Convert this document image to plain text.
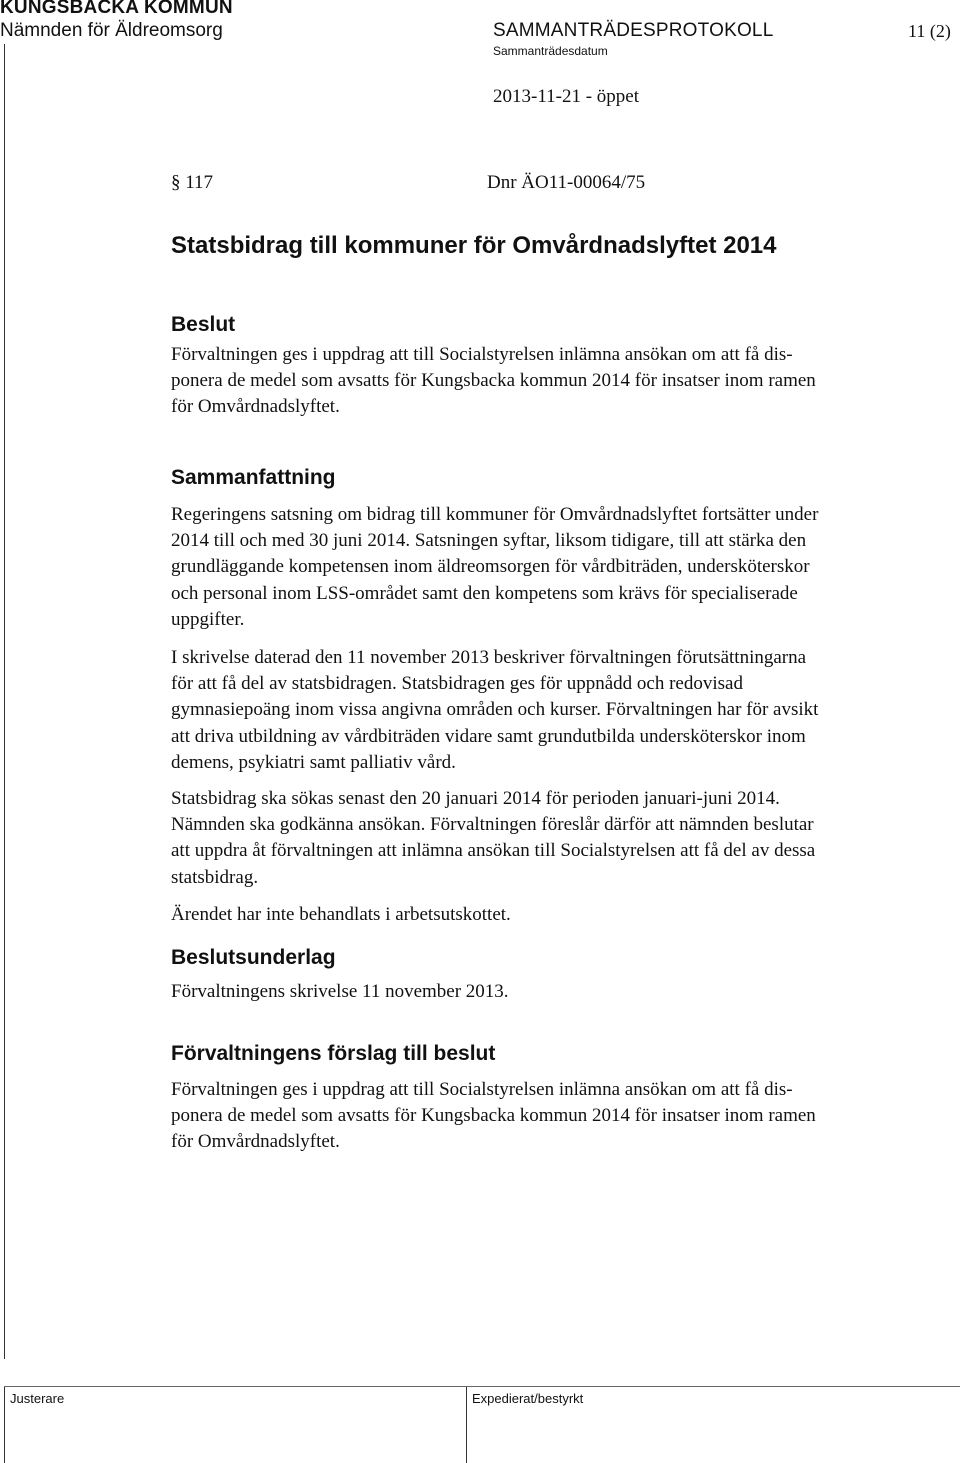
KUNGSBACKA KOMMUN
Nämnden för Äldreomsorg	SAMMANTRÄDESPROTOKOLL	11 (2)
Sammanträdesdatum
2013-11-21 - öppet
§ 117	Dnr ÄO11-00064/75
Statsbidrag till kommuner för Omvårdnadslyftet 2014
Beslut

Förvaltningen ges i uppdrag att till Socialstyrelsen inlämna ansökan om att få dis-
ponera de medel som avsatts för Kungsbacka kommun 2014 för insatser inom ramen
för Omvårdnadslyftet.

Sammanfattning

Regeringens satsning om bidrag till kommuner för Omvårdnadslyftet fortsätter under
2014 till och med 30 juni 2014. Satsningen syftar, liksom tidigare, till att stärka den
grundläggande kompetensen inom äldreomsorgen för vårdbiträden, undersköterskor
och personal inom LSS-området samt den kompetens som krävs för specialiserade
uppgifter.

I skrivelse daterad den 11 november 2013 beskriver förvaltningen förutsättningarna
för att få del av statsbidragen. Statsbidragen ges för uppnådd och redovisad
gymnasiepoäng inom vissa angivna områden och kurser. Förvaltningen har för avsikt
att driva utbildning av vårdbiträden vidare samt grundutbilda undersköterskor inom
demens, psykiatri samt palliativ vård.

Statsbidrag ska sökas senast den 20 januari 2014 för perioden januari-juni 2014.
Nämnden ska godkänna ansökan. Förvaltningen föreslår därför att nämnden beslutar
att uppdra åt förvaltningen att inlämna ansökan till Socialstyrelsen att få del av dessa
statsbidrag.

Ärendet har inte behandlats i arbetsutskottet.

Beslutsunderlag

Förvaltningens skrivelse 11 november 2013.

Förvaltningens förslag till beslut

Förvaltningen ges i uppdrag att till Socialstyrelsen inlämna ansökan om att få dis-
ponera de medel som avsatts för Kungsbacka kommun 2014 för insatser inom ramen
för Omvårdnadslyftet.

Justerare	Expedierat/bestyrkt
